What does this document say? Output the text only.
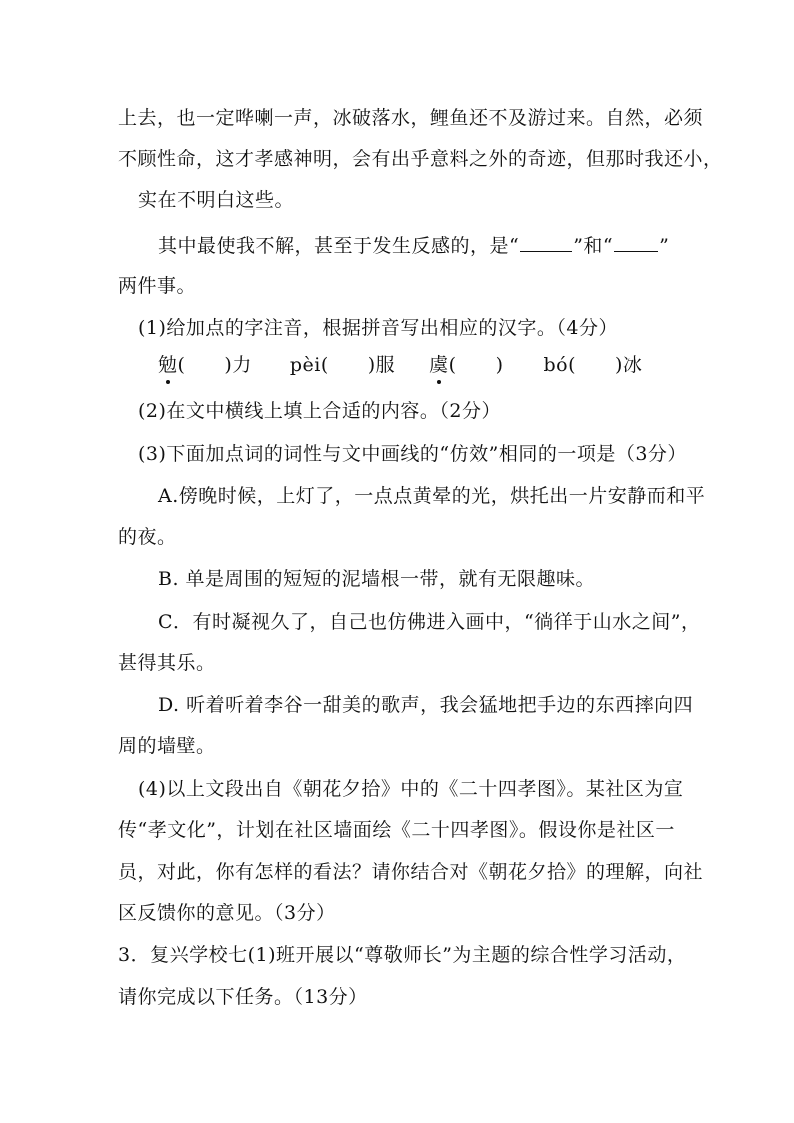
上去，也一定哗喇一声，冰破落水，鲤鱼还不及游过来。自然，必须
不顾性命，这才孝感神明，会有出乎意料之外的奇迹，但那时我还小，
实在不明白这些。
其中最使我不解，甚至于发生反感的，是“	”和“ ”
两件事。
(1)给加点的字注音，根据拼音写出相应的汉字。（4分）
勉(　　)力 pèi(　　)服 虞(　　) bó(　　)冰
(2)在文中横线上填上合适的内容。（2分）
(3)下面加点词的词性与文中画线的“仿效”相同的一项是（3分）
A.傍晚时候，上灯了，一点点黄晕的光，烘托出一片安静而和平
的夜。
B. 单是周围的短短的泥墙根一带，就有无限趣味。
C．有时凝视久了，自己也仿佛进入画中，“徜徉于山水之间”，
甚得其乐。
D. 听着听着李谷一甜美的歌声，我会猛地把手边的东西摔向四
周的墙壁。
(4)以上文段出自《朝花夕拾》中的《二十四孝图》。某社区为宣
传“孝文化”，计划在社区墙面绘《二十四孝图》。假设你是社区一
员，对此，你有怎样的看法？请你结合对《朝花夕拾》的理解，向社
区反馈你的意见。（3分）
3．复兴学校七(1)班开展以“尊敬师长”为主题的综合性学习活动，
请你完成以下任务。（13分）
